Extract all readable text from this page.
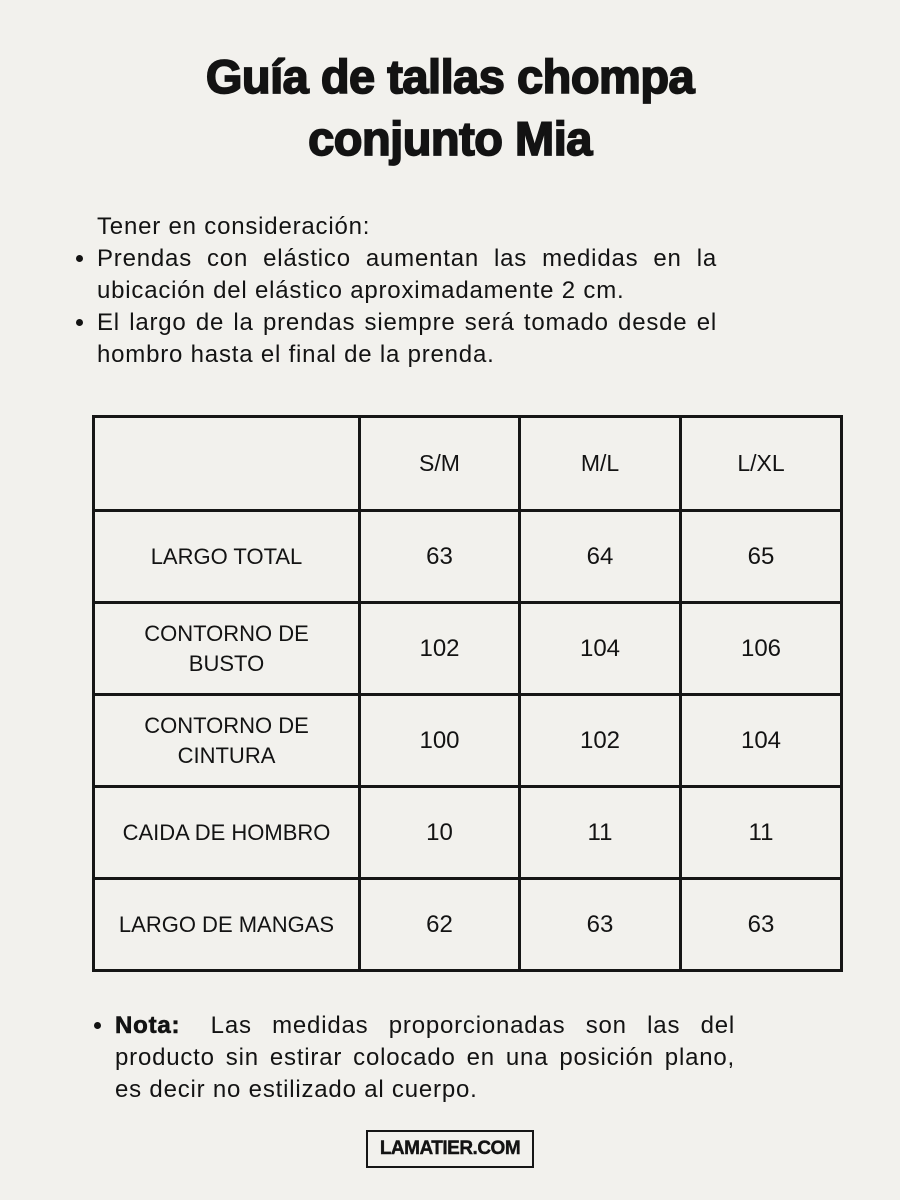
Guía de tallas chompa
conjunto Mia
Tener en consideración:
• Prendas con elástico aumentan las medidas en la ubicación del elástico aproximadamente 2 cm.
• El largo de la prendas siempre será tomado desde el hombro hasta el final de la prenda.
	S/M	M/L	L/XL
LARGO TOTAL	63	64	65
CONTORNO DE BUSTO	102	104	106
CONTORNO DE CINTURA	100	102	104
CAIDA DE HOMBRO	10	11	11
LARGO DE MANGAS	62	63	63
• Nota: Las medidas proporcionadas son las del producto sin estirar colocado en una posición plano, es decir no estilizado al cuerpo.
LAMATIER.COM
